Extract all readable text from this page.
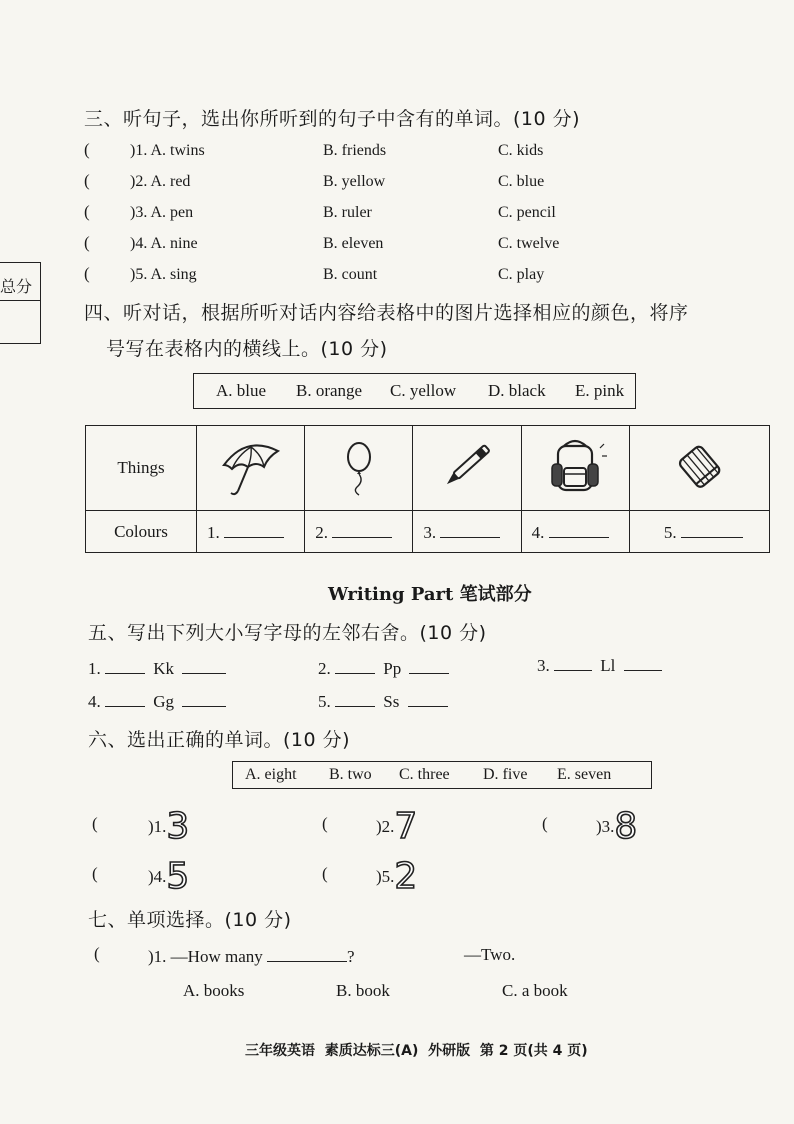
总分
三、听句子，选出你所听到的句子中含有的单词。(10 分)
(	)1. A. twins	B. friends	C. kids
(	)2. A. red	B. yellow	C. blue
(	)3. A. pen	B. ruler	C. pencil
(	)4. A. nine	B. eleven	C. twelve
(	)5. A. sing	B. count	C. play
四、听对话，根据所听对话内容给表格中的图片选择相应的颜色，将序
号写在表格内的横线上。(10 分)
A. blue B. orange C. yellow D. black E. pink
Things					
Colours	1.	2.	3.	4.	5.
Writing Part 笔试部分
五、写出下列大小写字母的左邻右舍。(10 分)
1.	Kk	2.	Pp	3.	Ll
4.	Gg	5.	Ss
六、选出正确的单词。(10 分)
A. eight B. two C. three D. five E. seven
(	)1.3	(	)2.7	(	)3.8
(	)4.5	(	)5.2
七、单项选择。(10 分)
(	)1. —How many	?	—Two.
A. books	B. book	C. a book
三年级英语  素质达标三(A)  外研版  第 2 页(共 4 页)
